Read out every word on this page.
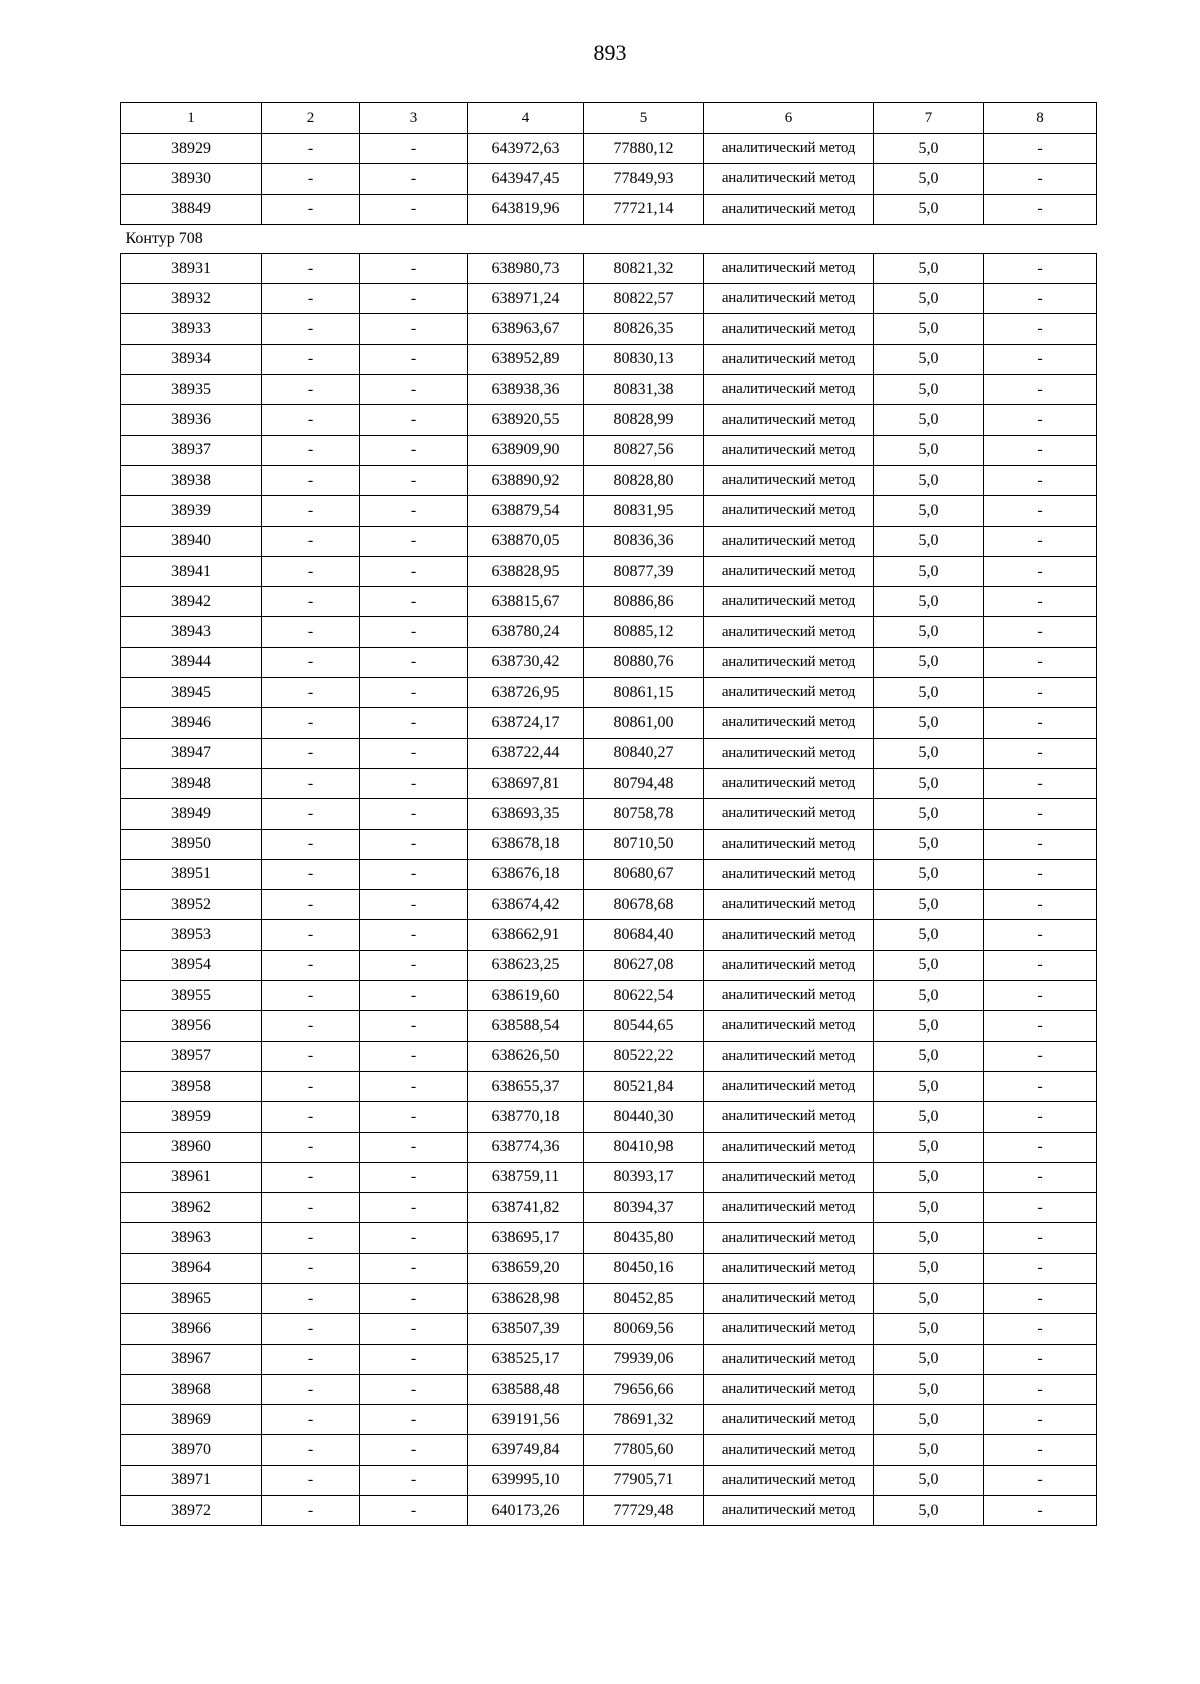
893
1	2	3	4	5	6	7	8
38929	-	-	643972,63	77880,12	аналитический метод	5,0	-
38930	-	-	643947,45	77849,93	аналитический метод	5,0	-
38849	-	-	643819,96	77721,14	аналитический метод	5,0	-
Контур 708							
38931	-	-	638980,73	80821,32	аналитический метод	5,0	-
38932	-	-	638971,24	80822,57	аналитический метод	5,0	-
38933	-	-	638963,67	80826,35	аналитический метод	5,0	-
38934	-	-	638952,89	80830,13	аналитический метод	5,0	-
38935	-	-	638938,36	80831,38	аналитический метод	5,0	-
38936	-	-	638920,55	80828,99	аналитический метод	5,0	-
38937	-	-	638909,90	80827,56	аналитический метод	5,0	-
38938	-	-	638890,92	80828,80	аналитический метод	5,0	-
38939	-	-	638879,54	80831,95	аналитический метод	5,0	-
38940	-	-	638870,05	80836,36	аналитический метод	5,0	-
38941	-	-	638828,95	80877,39	аналитический метод	5,0	-
38942	-	-	638815,67	80886,86	аналитический метод	5,0	-
38943	-	-	638780,24	80885,12	аналитический метод	5,0	-
38944	-	-	638730,42	80880,76	аналитический метод	5,0	-
38945	-	-	638726,95	80861,15	аналитический метод	5,0	-
38946	-	-	638724,17	80861,00	аналитический метод	5,0	-
38947	-	-	638722,44	80840,27	аналитический метод	5,0	-
38948	-	-	638697,81	80794,48	аналитический метод	5,0	-
38949	-	-	638693,35	80758,78	аналитический метод	5,0	-
38950	-	-	638678,18	80710,50	аналитический метод	5,0	-
38951	-	-	638676,18	80680,67	аналитический метод	5,0	-
38952	-	-	638674,42	80678,68	аналитический метод	5,0	-
38953	-	-	638662,91	80684,40	аналитический метод	5,0	-
38954	-	-	638623,25	80627,08	аналитический метод	5,0	-
38955	-	-	638619,60	80622,54	аналитический метод	5,0	-
38956	-	-	638588,54	80544,65	аналитический метод	5,0	-
38957	-	-	638626,50	80522,22	аналитический метод	5,0	-
38958	-	-	638655,37	80521,84	аналитический метод	5,0	-
38959	-	-	638770,18	80440,30	аналитический метод	5,0	-
38960	-	-	638774,36	80410,98	аналитический метод	5,0	-
38961	-	-	638759,11	80393,17	аналитический метод	5,0	-
38962	-	-	638741,82	80394,37	аналитический метод	5,0	-
38963	-	-	638695,17	80435,80	аналитический метод	5,0	-
38964	-	-	638659,20	80450,16	аналитический метод	5,0	-
38965	-	-	638628,98	80452,85	аналитический метод	5,0	-
38966	-	-	638507,39	80069,56	аналитический метод	5,0	-
38967	-	-	638525,17	79939,06	аналитический метод	5,0	-
38968	-	-	638588,48	79656,66	аналитический метод	5,0	-
38969	-	-	639191,56	78691,32	аналитический метод	5,0	-
38970	-	-	639749,84	77805,60	аналитический метод	5,0	-
38971	-	-	639995,10	77905,71	аналитический метод	5,0	-
38972	-	-	640173,26	77729,48	аналитический метод	5,0	-
